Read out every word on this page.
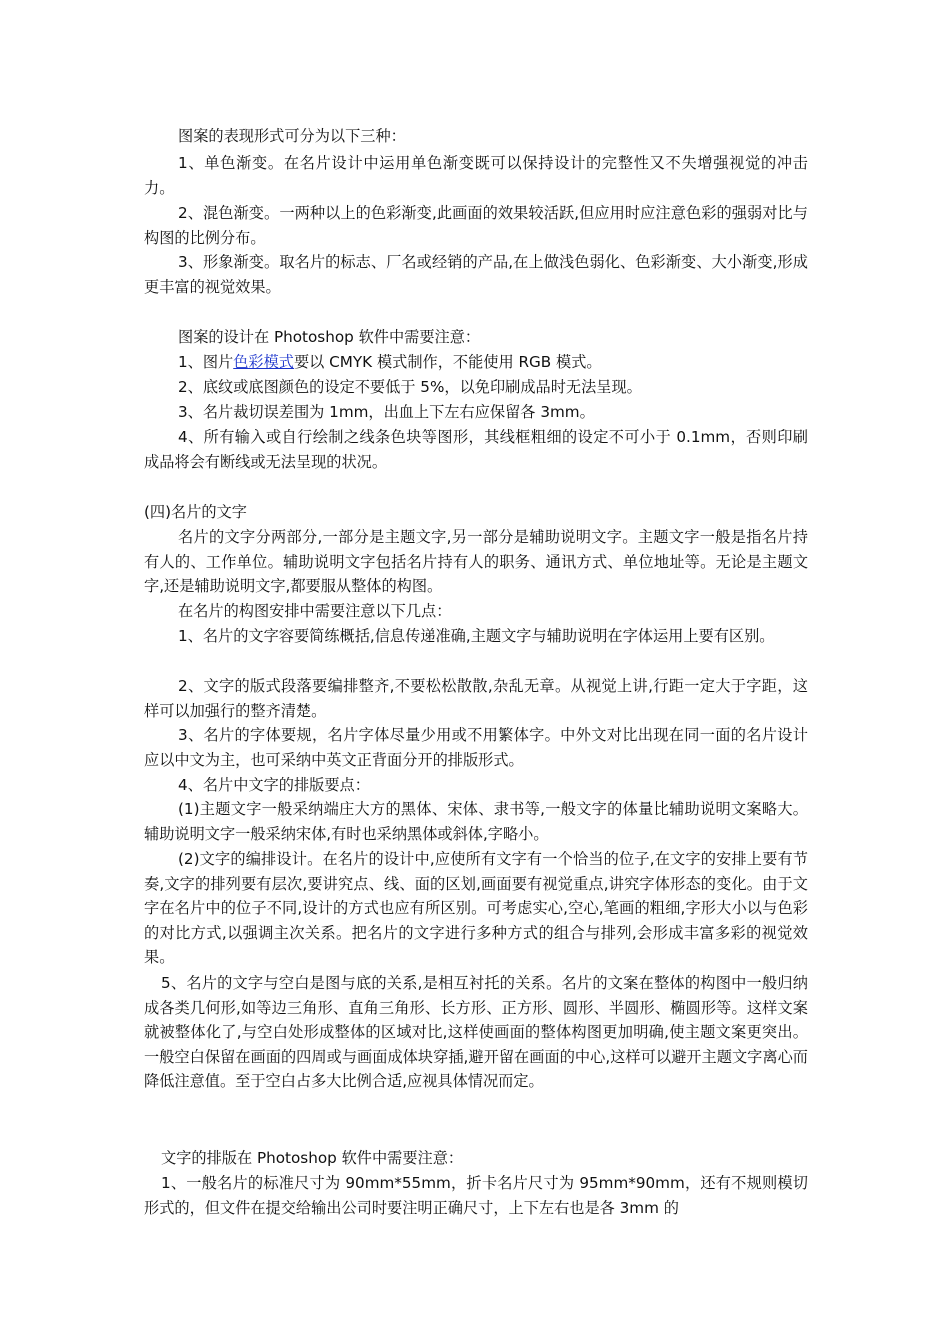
图案的表现形式可分为以下三种：

1、单色渐变。在名片设计中运用单色渐变既可以保持设计的完整性又不失增强视觉的冲击力。

2、混色渐变。一两种以上的色彩渐变,此画面的效果较活跃,但应用时应注意色彩的强弱对比与构图的比例分布。

3、形象渐变。取名片的标志、厂名或经销的产品,在上做浅色弱化、色彩渐变、大小渐变,形成更丰富的视觉效果。

图案的设计在 Photoshop 软件中需要注意：

1、图片色彩模式要以 CMYK 模式制作，不能使用 RGB 模式。

2、底纹或底图颜色的设定不要低于 5%，以免印刷成品时无法呈现。

3、名片裁切误差围为 1mm，出血上下左右应保留各 3mm。

4、所有输入或自行绘制之线条色块等图形，其线框粗细的设定不可小于 0.1mm，否则印刷成品将会有断线或无法呈现的状况。

(四)名片的文字

名片的文字分两部分,一部分是主题文字,另一部分是辅助说明文字。主题文字一般是指名片持有人的、工作单位。辅助说明文字包括名片持有人的职务、通讯方式、单位地址等。无论是主题文字,还是辅助说明文字,都要服从整体的构图。

在名片的构图安排中需要注意以下几点：

1、名片的文字容要简练概括,信息传递准确,主题文字与辅助说明在字体运用上要有区别。

2、文字的版式段落要编排整齐,不要松松散散,杂乱无章。从视觉上讲,行距一定大于字距，这样可以加强行的整齐清楚。

3、名片的字体要规，名片字体尽量少用或不用繁体字。中外文对比出现在同一面的名片设计应以中文为主，也可采纳中英文正背面分开的排版形式。

4、名片中文字的排版要点：

(1)主题文字一般采纳端庄大方的黑体、宋体、隶书等,一般文字的体量比辅助说明文案略大。辅助说明文字一般采纳宋体,有时也采纳黑体或斜体,字略小。

(2)文字的编排设计。在名片的设计中,应使所有文字有一个恰当的位子,在文字的安排上要有节奏,文字的排列要有层次,要讲究点、线、面的区划,画面要有视觉重点,讲究字体形态的变化。由于文字在名片中的位子不同,设计的方式也应有所区别。可考虑实心,空心,笔画的粗细,字形大小以与色彩的对比方式,以强调主次关系。把名片的文字进行多种方式的组合与排列,会形成丰富多彩的视觉效果。

5、名片的文字与空白是图与底的关系,是相互衬托的关系。名片的文案在整体的构图中一般归纳成各类几何形,如等边三角形、直角三角形、长方形、正方形、圆形、半圆形、椭圆形等。这样文案就被整体化了,与空白处形成整体的区域对比,这样使画面的整体构图更加明确,使主题文案更突出。 一般空白保留在画面的四周或与画面成体块穿插,避开留在画面的中心,这样可以避开主题文字离心而降低注意值。至于空白占多大比例合适,应视具体情况而定。

文字的排版在 Photoshop 软件中需要注意：

1、一般名片的标准尺寸为 90mm*55mm，折卡名片尺寸为 95mm*90mm，还有不规则模切形式的，但文件在提交给输出公司时要注明正确尺寸，上下左右也是各 3mm 的
